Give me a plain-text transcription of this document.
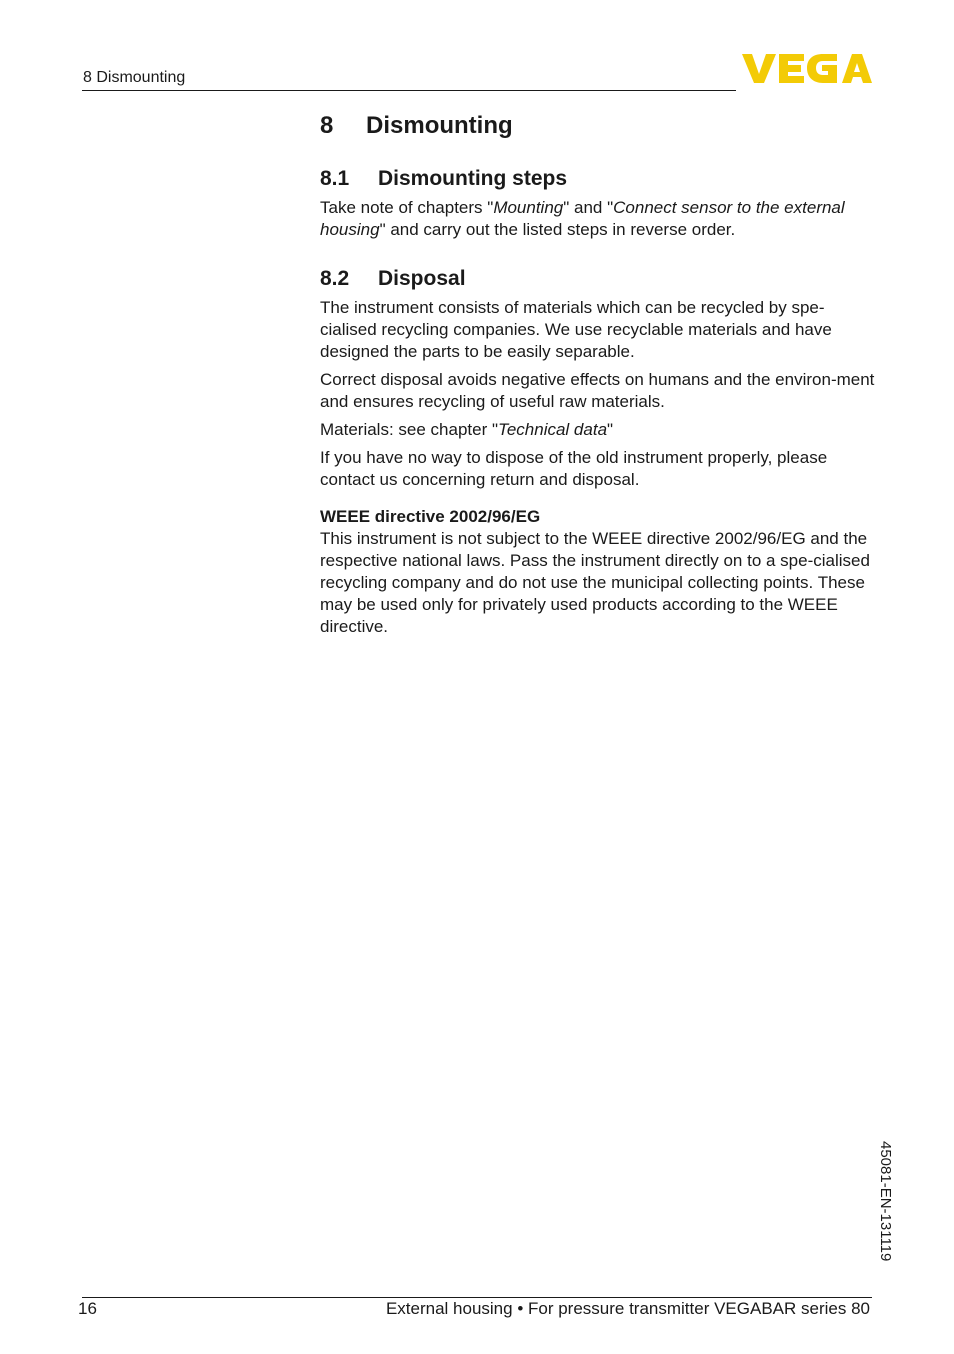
8 Dismounting
8 Dismounting
8.1 Dismounting steps

Take note of chapters "Mounting" and "Connect sensor to the external housing" and carry out the listed steps in reverse order.

8.2 Disposal

The instrument consists of materials which can be recycled by spe-cialised recycling companies. We use recyclable materials and have designed the parts to be easily separable.

Correct disposal avoids negative effects on humans and the environ-ment and ensures recycling of useful raw materials.

Materials: see chapter "Technical data"

If you have no way to dispose of the old instrument properly, please contact us concerning return and disposal.

WEEE directive 2002/96/EG

This instrument is not subject to the WEEE directive 2002/96/EG and the respective national laws. Pass the instrument directly on to a spe-cialised recycling company and do not use the municipal collecting points. These may be used only for privately used products according to the WEEE directive.

45081-EN-131119
16	External housing • For pressure transmitter VEGABAR series 80
